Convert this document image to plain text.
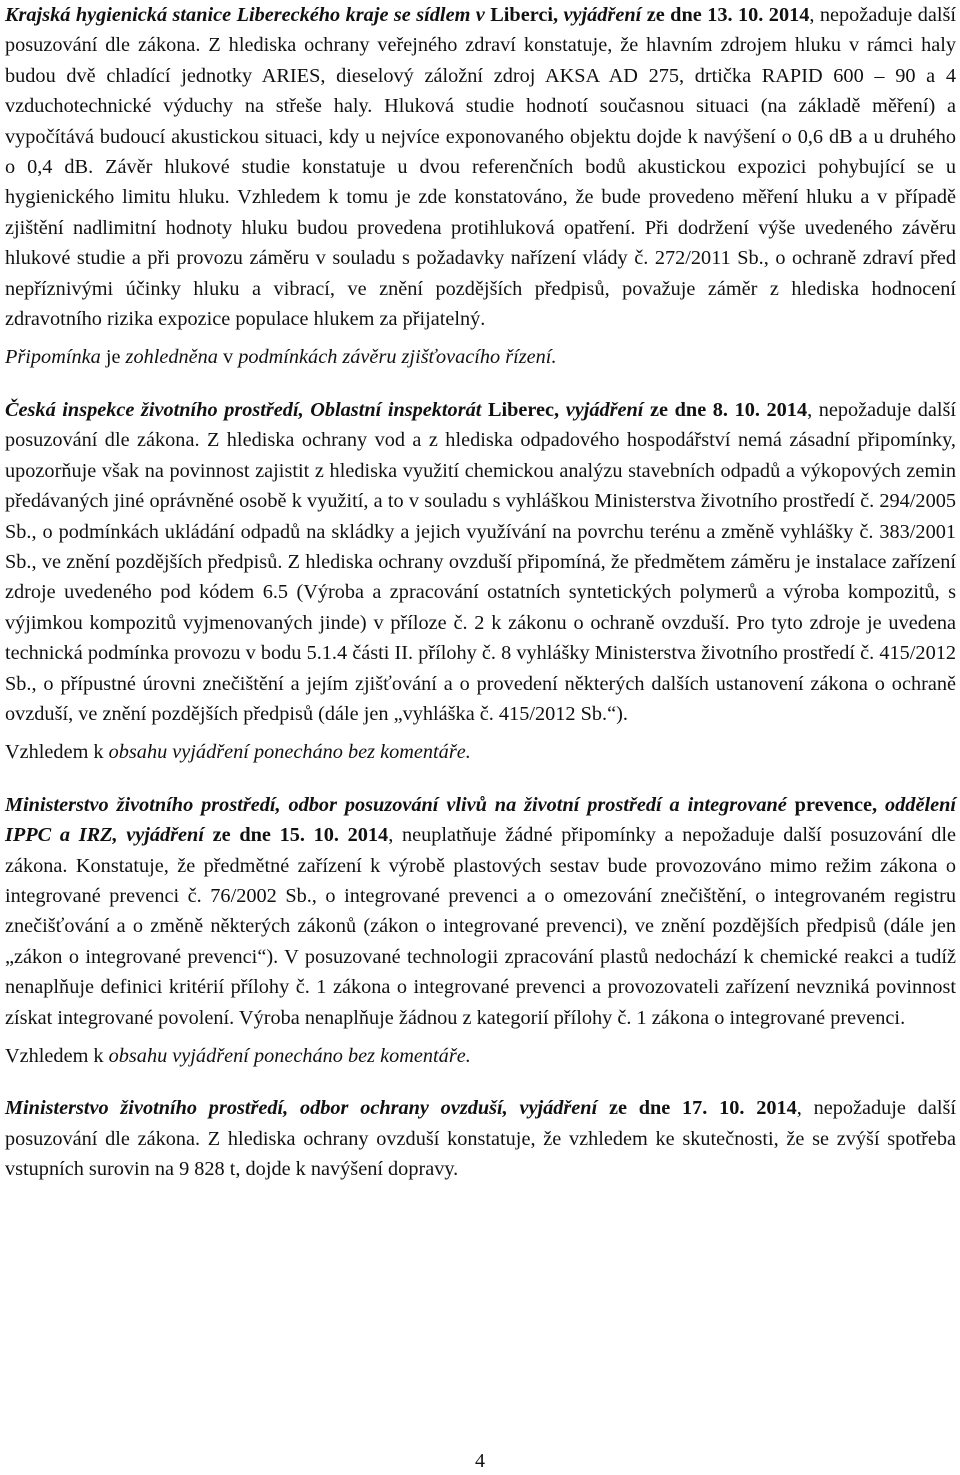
Krajská hygienická stanice Libereckého kraje se sídlem v Liberci, vyjádření ze dne 13. 10. 2014, nepožaduje další posuzování dle zákona. Z hlediska ochrany veřejného zdraví konstatuje, že hlavním zdrojem hluku v rámci haly budou dvě chladící jednotky ARIES, dieselový záložní zdroj AKSA AD 275, drtička RAPID 600 – 90 a 4 vzduchotechnické výduchy na střeše haly. Hluková studie hodnotí současnou situaci (na základě měření) a vypočítává budoucí akustickou situaci, kdy u nejvíce exponovaného objektu dojde k navýšení o 0,6 dB a u druhého o 0,4 dB. Závěr hlukové studie konstatuje u dvou referenčních bodů akustickou expozici pohybující se u hygienického limitu hluku. Vzhledem k tomu je zde konstatováno, že bude provedeno měření hluku a v případě zjištění nadlimitní hodnoty hluku budou provedena protihluková opatření. Při dodržení výše uvedeného závěru hlukové studie a při provozu záměru v souladu s požadavky nařízení vlády č. 272/2011 Sb., o ochraně zdraví před nepříznivými účinky hluku a vibrací, ve znění pozdějších předpisů, považuje záměr z hlediska hodnocení zdravotního rizika expozice populace hlukem za přijatelný.

Připomínka je zohledněna v podmínkách závěru zjišťovacího řízení.

Česká inspekce životního prostředí, Oblastní inspektorát Liberec, vyjádření ze dne 8. 10. 2014, nepožaduje další posuzování dle zákona. Z hlediska ochrany vod a z hlediska odpadového hospodářství nemá zásadní připomínky, upozorňuje však na povinnost zajistit z hlediska využití chemickou analýzu stavebních odpadů a výkopových zemin předávaných jiné oprávněné osobě k využití, a to v souladu s vyhláškou Ministerstva životního prostředí č. 294/2005 Sb., o podmínkách ukládání odpadů na skládky a jejich využívání na povrchu terénu a změně vyhlášky č. 383/2001 Sb., ve znění pozdějších předpisů. Z hlediska ochrany ovzduší připomíná, že předmětem záměru je instalace zařízení zdroje uvedeného pod kódem 6.5 (Výroba a zpracování ostatních syntetických polymerů a výroba kompozitů, s výjimkou kompozitů vyjmenovaných jinde) v příloze č. 2 k zákonu o ochraně ovzduší. Pro tyto zdroje je uvedena technická podmínka provozu v bodu 5.1.4 části II. přílohy č. 8 vyhlášky Ministerstva životního prostředí č. 415/2012 Sb., o přípustné úrovni znečištění a jejím zjišťování a o provedení některých dalších ustanovení zákona o ochraně ovzduší, ve znění pozdějších předpisů (dále jen „vyhláška č. 415/2012 Sb.“).

Vzhledem k obsahu vyjádření ponecháno bez komentáře.

Ministerstvo životního prostředí, odbor posuzování vlivů na životní prostředí a integrované prevence, oddělení IPPC a IRZ, vyjádření ze dne 15. 10. 2014, neuplatňuje žádné připomínky a nepožaduje další posuzování dle zákona. Konstatuje, že předmětné zařízení k výrobě plastových sestav bude provozováno mimo režim zákona o integrované prevenci č. 76/2002 Sb., o integrované prevenci a o omezování znečištění, o integrovaném registru znečišťování a o změně některých zákonů (zákon o integrované prevenci), ve znění pozdějších předpisů (dále jen „zákon o integrované prevenci“). V posuzované technologii zpracování plastů nedochází k chemické reakci a tudíž nenaplňuje definici kritérií přílohy č. 1 zákona o integrované prevenci a provozovateli zařízení nevzniká povinnost získat integrované povolení. Výroba nenaplňuje žádnou z kategorií přílohy č. 1 zákona o integrované prevenci.

Vzhledem k obsahu vyjádření ponecháno bez komentáře.

Ministerstvo životního prostředí, odbor ochrany ovzduší, vyjádření ze dne 17. 10. 2014, nepožaduje další posuzování dle zákona. Z hlediska ochrany ovzduší konstatuje, že vzhledem ke skutečnosti, že se zvýší spotřeba vstupních surovin na 9 828 t, dojde k navýšení dopravy.

4
